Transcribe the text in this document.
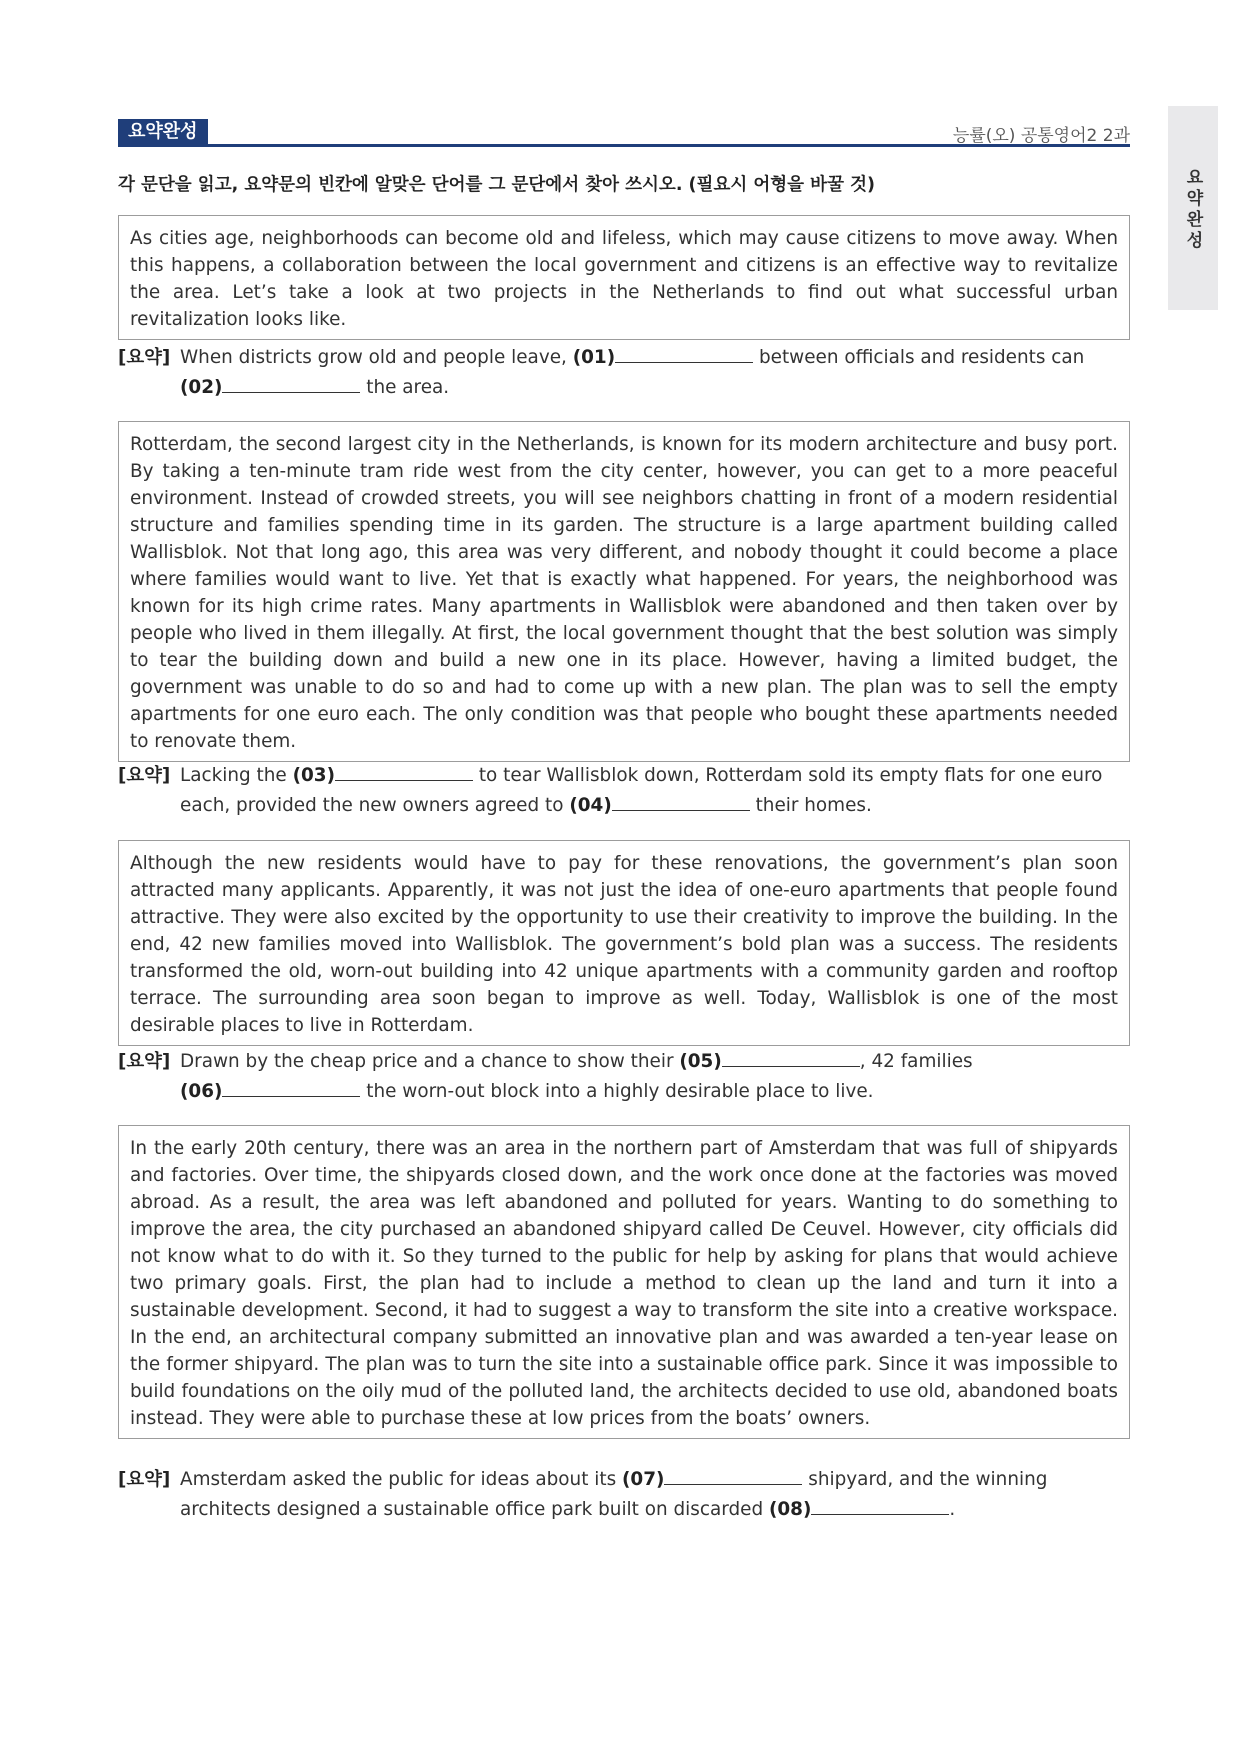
요약완성
요약완성	능률(오) 공통영어2 2과
각 문단을 읽고, 요약문의 빈칸에 알맞은 단어를 그 문단에서 찾아 쓰시오. (필요시 어형을 바꿀 것)
As cities age, neighborhoods can become old and lifeless, which may cause citizens to move away. When this happens, a collaboration between the local government and citizens is an effective way to revitalize the area. Let’s take a look at two projects in the Netherlands to find out what successful urban revitalization looks like.
[요약] When districts grow old and people leave, (01)	between officials and residents can
(02)	the area.
Rotterdam, the second largest city in the Netherlands, is known for its modern architecture and busy port. By taking a ten-minute tram ride west from the city center, however, you can get to a more peaceful environment. Instead of crowded streets, you will see neighbors chatting in front of a modern residential structure and families spending time in its garden. The structure is a large apartment building called Wallisblok. Not that long ago, this area was very different, and nobody thought it could become a place where families would want to live. Yet that is exactly what happened. For years, the neighborhood was known for its high crime rates. Many apartments in Wallisblok were abandoned and then taken over by people who lived in them illegally. At first, the local government thought that the best solution was simply to tear the building down and build a new one in its place. However, having a limited budget, the government was unable to do so and had to come up with a new plan. The plan was to sell the empty apartments for one euro each. The only condition was that people who bought these apartments needed to renovate them.
[요약] Lacking the (03)	to tear Wallisblok down, Rotterdam sold its empty flats for one euro each, provided the new owners agreed to (04)	their homes.
Although the new residents would have to pay for these renovations, the government’s plan soon attracted many applicants. Apparently, it was not just the idea of one-euro apartments that people found attractive. They were also excited by the opportunity to use their creativity to improve the building. In the end, 42 new families moved into Wallisblok. The government’s bold plan was a success. The residents transformed the old, worn-out building into 42 unique apartments with a community garden and rooftop terrace. The surrounding area soon began to improve as well. Today, Wallisblok is one of the most desirable places to live in Rotterdam.
[요약] Drawn by the cheap price and a chance to show their (05)	, 42 families
(06)	the worn-out block into a highly desirable place to live.
In the early 20th century, there was an area in the northern part of Amsterdam that was full of shipyards and factories. Over time, the shipyards closed down, and the work once done at the factories was moved abroad. As a result, the area was left abandoned and polluted for years. Wanting to do something to improve the area, the city purchased an abandoned shipyard called De Ceuvel. However, city officials did not know what to do with it. So they turned to the public for help by asking for plans that would achieve two primary goals. First, the plan had to include a method to clean up the land and turn it into a sustainable development. Second, it had to suggest a way to transform the site into a creative workspace. In the end, an architectural company submitted an innovative plan and was awarded a ten-year lease on the former shipyard. The plan was to turn the site into a sustainable office park. Since it was impossible to build foundations on the oily mud of the polluted land, the architects decided to use old, abandoned boats instead. They were able to purchase these at low prices from the boats’ owners.
[요약] Amsterdam asked the public for ideas about its (07)	shipyard, and the winning architects designed a sustainable office park built on discarded (08)	.
